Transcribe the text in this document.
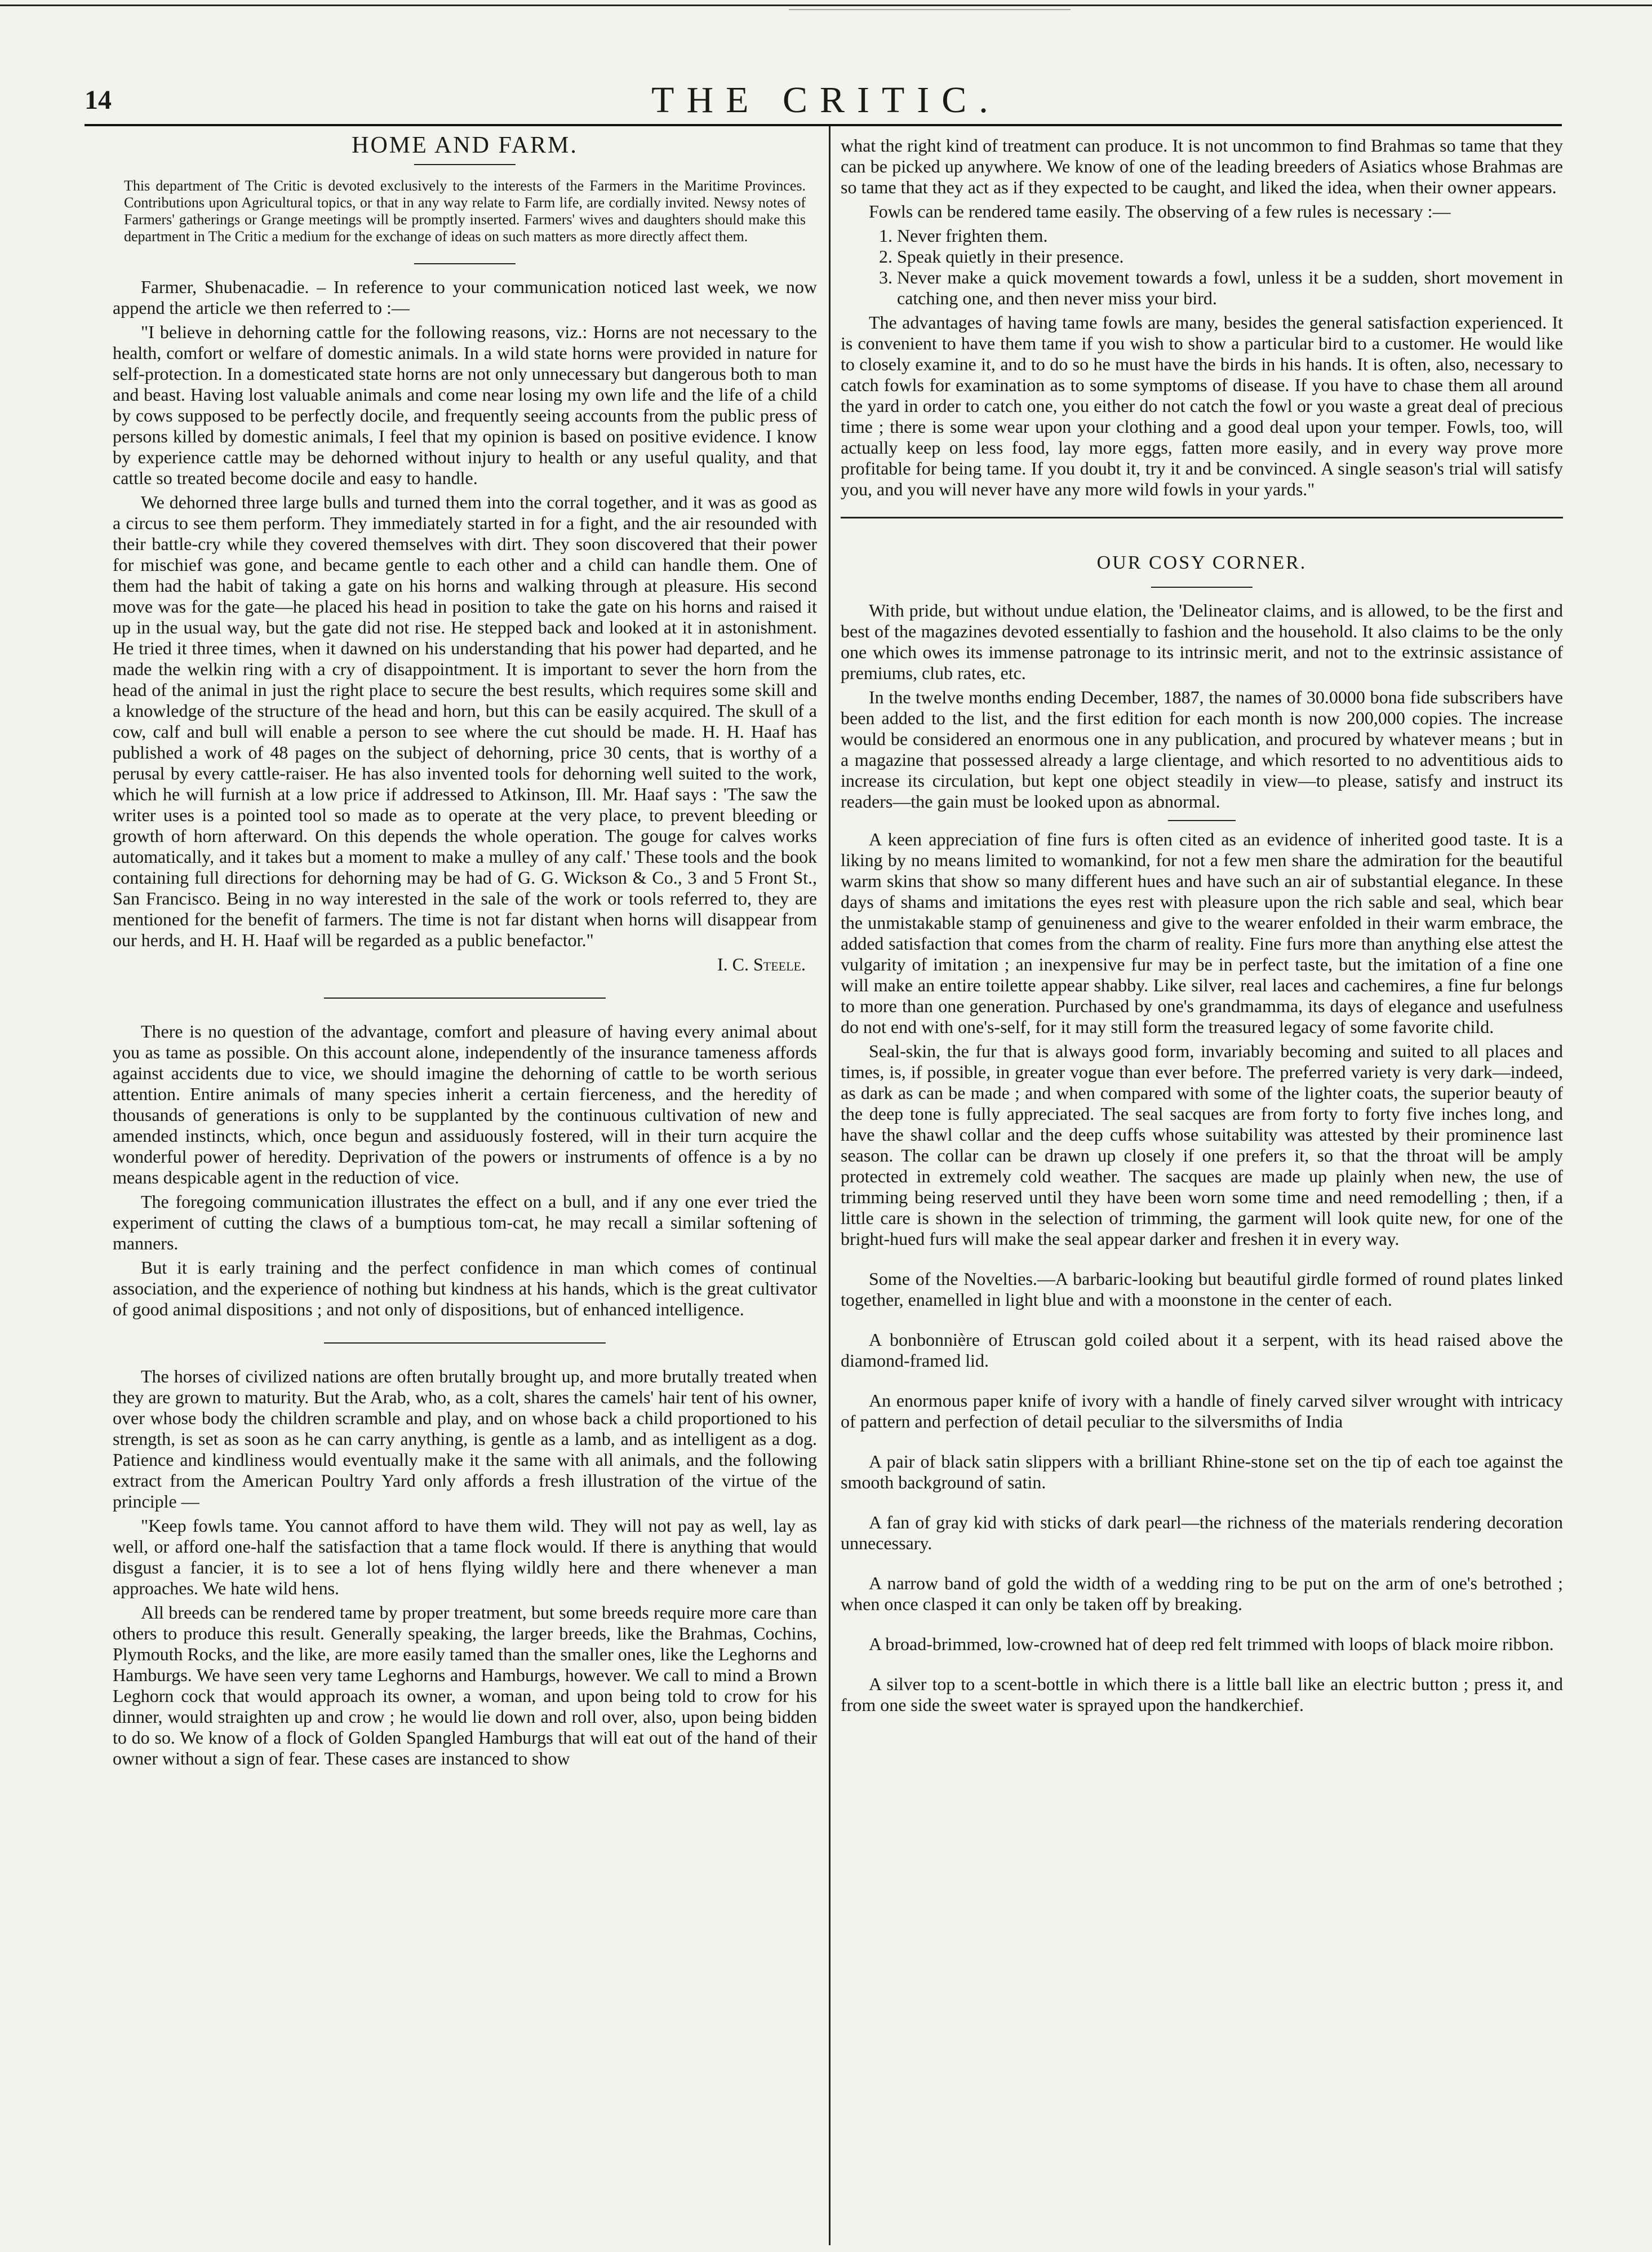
14	THE CRITIC.
HOME AND FARM.
This department of The Critic is devoted exclusively to the interests of the Farmers in the Maritime Provinces. Contributions upon Agricultural topics, or that in any way relate to Farm life, are cordially invited. Newsy notes of Farmers' gatherings or Grange meetings will be promptly inserted. Farmers' wives and daughters should make this department in The Critic a medium for the exchange of ideas on such matters as more directly affect them.

Farmer, Shubenacadie. – In reference to your communication noticed last week, we now append the article we then referred to :—

"I believe in dehorning cattle for the following reasons, viz.: Horns are not necessary to the health, comfort or welfare of domestic animals. In a wild state horns were provided in nature for self-protection. In a domesticated state horns are not only unnecessary but dangerous both to man and beast. Having lost valuable animals and come near losing my own life and the life of a child by cows supposed to be perfectly docile, and frequently seeing accounts from the public press of persons killed by domestic animals, I feel that my opinion is based on positive evidence. I know by experience cattle may be dehorned without injury to health or any useful quality, and that cattle so treated become docile and easy to handle.

We dehorned three large bulls and turned them into the corral together, and it was as good as a circus to see them perform. They immediately started in for a fight, and the air resounded with their battle-cry while they covered themselves with dirt. They soon discovered that their power for mischief was gone, and became gentle to each other and a child can handle them. One of them had the habit of taking a gate on his horns and walking through at pleasure. His second move was for the gate—he placed his head in position to take the gate on his horns and raised it up in the usual way, but the gate did not rise. He stepped back and looked at it in astonishment. He tried it three times, when it dawned on his understanding that his power had departed, and he made the welkin ring with a cry of disappointment. It is important to sever the horn from the head of the animal in just the right place to secure the best results, which requires some skill and a knowledge of the structure of the head and horn, but this can be easily acquired. The skull of a cow, calf and bull will enable a person to see where the cut should be made. H. H. Haaf has published a work of 48 pages on the subject of dehorning, price 30 cents, that is worthy of a perusal by every cattle-raiser. He has also invented tools for dehorning well suited to the work, which he will furnish at a low price if addressed to Atkinson, Ill. Mr. Haaf says : 'The saw the writer uses is a pointed tool so made as to operate at the very place, to prevent bleeding or growth of horn afterward. On this depends the whole operation. The gouge for calves works automatically, and it takes but a moment to make a mulley of any calf.' These tools and the book containing full directions for dehorning may be had of G. G. Wickson & Co., 3 and 5 Front St., San Francisco. Being in no way interested in the sale of the work or tools referred to, they are mentioned for the benefit of farmers. The time is not far distant when horns will disappear from our herds, and H. H. Haaf will be regarded as a public benefactor."

I. C. Steele.

There is no question of the advantage, comfort and pleasure of having every animal about you as tame as possible. On this account alone, independently of the insurance tameness affords against accidents due to vice, we should imagine the dehorning of cattle to be worth serious attention. Entire animals of many species inherit a certain fierceness, and the heredity of thousands of generations is only to be supplanted by the continuous cultivation of new and amended instincts, which, once begun and assiduously fostered, will in their turn acquire the wonderful power of heredity. Deprivation of the powers or instruments of offence is a by no means despicable agent in the reduction of vice.

The foregoing communication illustrates the effect on a bull, and if any one ever tried the experiment of cutting the claws of a bumptious tom-cat, he may recall a similar softening of manners.

But it is early training and the perfect confidence in man which comes of continual association, and the experience of nothing but kindness at his hands, which is the great cultivator of good animal dispositions ; and not only of dispositions, but of enhanced intelligence.

The horses of civilized nations are often brutally brought up, and more brutally treated when they are grown to maturity. But the Arab, who, as a colt, shares the camels' hair tent of his owner, over whose body the children scramble and play, and on whose back a child proportioned to his strength, is set as soon as he can carry anything, is gentle as a lamb, and as intelligent as a dog. Patience and kindliness would eventually make it the same with all animals, and the following extract from the American Poultry Yard only affords a fresh illustration of the virtue of the principle —

"Keep fowls tame. You cannot afford to have them wild. They will not pay as well, lay as well, or afford one-half the satisfaction that a tame flock would. If there is anything that would disgust a fancier, it is to see a lot of hens flying wildly here and there whenever a man approaches. We hate wild hens.

All breeds can be rendered tame by proper treatment, but some breeds require more care than others to produce this result. Generally speaking, the larger breeds, like the Brahmas, Cochins, Plymouth Rocks, and the like, are more easily tamed than the smaller ones, like the Leghorns and Hamburgs. We have seen very tame Leghorns and Hamburgs, however. We call to mind a Brown Leghorn cock that would approach its owner, a woman, and upon being told to crow for his dinner, would straighten up and crow ; he would lie down and roll over, also, upon being bidden to do so. We know of a flock of Golden Spangled Hamburgs that will eat out of the hand of their owner without a sign of fear. These cases are instanced to show

what the right kind of treatment can produce. It is not uncommon to find Brahmas so tame that they can be picked up anywhere. We know of one of the leading breeders of Asiatics whose Brahmas are so tame that they act as if they expected to be caught, and liked the idea, when their owner appears.

Fowls can be rendered tame easily. The observing of a few rules is necessary :—

1. Never frighten them.
2. Speak quietly in their presence.
3. Never make a quick movement towards a fowl, unless it be a sudden, short movement in catching one, and then never miss your bird.

The advantages of having tame fowls are many, besides the general satisfaction experienced. It is convenient to have them tame if you wish to show a particular bird to a customer. He would like to closely examine it, and to do so he must have the birds in his hands. It is often, also, necessary to catch fowls for examination as to some symptoms of disease. If you have to chase them all around the yard in order to catch one, you either do not catch the fowl or you waste a great deal of precious time ; there is some wear upon your clothing and a good deal upon your temper. Fowls, too, will actually keep on less food, lay more eggs, fatten more easily, and in every way prove more profitable for being tame. If you doubt it, try it and be convinced. A single season's trial will satisfy you, and you will never have any more wild fowls in your yards."

OUR COSY CORNER.

With pride, but without undue elation, the 'Delineator claims, and is allowed, to be the first and best of the magazines devoted essentially to fashion and the household. It also claims to be the only one which owes its immense patronage to its intrinsic merit, and not to the extrinsic assistance of premiums, club rates, etc.

In the twelve months ending December, 1887, the names of 30.0000 bona fide subscribers have been added to the list, and the first edition for each month is now 200,000 copies. The increase would be considered an enormous one in any publication, and procured by whatever means ; but in a magazine that possessed already a large clientage, and which resorted to no adventitious aids to increase its circulation, but kept one object steadily in view—to please, satisfy and instruct its readers—the gain must be looked upon as abnormal.

A keen appreciation of fine furs is often cited as an evidence of inherited good taste. It is a liking by no means limited to womankind, for not a few men share the admiration for the beautiful warm skins that show so many different hues and have such an air of substantial elegance. In these days of shams and imitations the eyes rest with pleasure upon the rich sable and seal, which bear the unmistakable stamp of genuineness and give to the wearer enfolded in their warm embrace, the added satisfaction that comes from the charm of reality. Fine furs more than anything else attest the vulgarity of imitation ; an inexpensive fur may be in perfect taste, but the imitation of a fine one will make an entire toilette appear shabby. Like silver, real laces and cachemires, a fine fur belongs to more than one generation. Purchased by one's grandmamma, its days of elegance and usefulness do not end with one's-self, for it may still form the treasured legacy of some favorite child.

Seal-skin, the fur that is always good form, invariably becoming and suited to all places and times, is, if possible, in greater vogue than ever before. The preferred variety is very dark—indeed, as dark as can be made ; and when compared with some of the lighter coats, the superior beauty of the deep tone is fully appreciated. The seal sacques are from forty to forty five inches long, and have the shawl collar and the deep cuffs whose suitability was attested by their prominence last season. The collar can be drawn up closely if one prefers it, so that the throat will be amply protected in extremely cold weather. The sacques are made up plainly when new, the use of trimming being reserved until they have been worn some time and need remodelling ; then, if a little care is shown in the selection of trimming, the garment will look quite new, for one of the bright-hued furs will make the seal appear darker and freshen it in every way.

Some of the Novelties.—A barbaric-looking but beautiful girdle formed of round plates linked together, enamelled in light blue and with a moonstone in the center of each.

A bonbonnière of Etruscan gold coiled about it a serpent, with its head raised above the diamond-framed lid.

An enormous paper knife of ivory with a handle of finely carved silver wrought with intricacy of pattern and perfection of detail peculiar to the silversmiths of India

A pair of black satin slippers with a brilliant Rhine-stone set on the tip of each toe against the smooth background of satin.

A fan of gray kid with sticks of dark pearl—the richness of the materials rendering decoration unnecessary.

A narrow band of gold the width of a wedding ring to be put on the arm of one's betrothed ; when once clasped it can only be taken off by breaking.

A broad-brimmed, low-crowned hat of deep red felt trimmed with loops of black moire ribbon.

A silver top to a scent-bottle in which there is a little ball like an electric button ; press it, and from one side the sweet water is sprayed upon the handkerchief.
